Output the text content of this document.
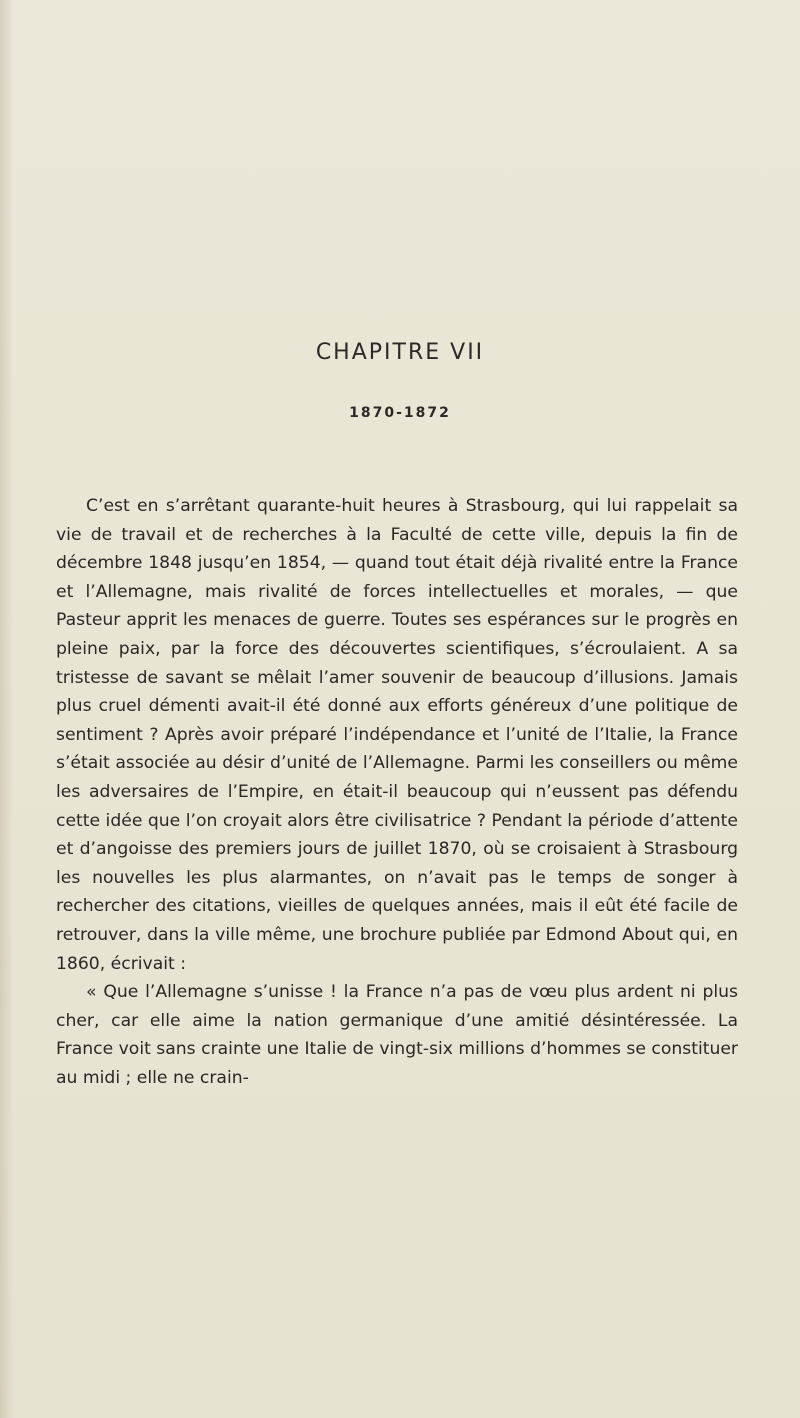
CHAPITRE VII
1870-1872

C’est en s’arrêtant quarante-huit heures à Strasbourg, qui lui rappelait sa vie de travail et de recherches à la Faculté de cette ville, depuis la fin de décembre 1848 jusqu’en 1854, — quand tout était déjà rivalité entre la France et l’Allemagne, mais rivalité de forces intellectuelles et morales, — que Pasteur apprit les menaces de guerre. Toutes ses espérances sur le progrès en pleine paix, par la force des découvertes scientifiques, s’écroulaient. A sa tristesse de savant se mêlait l’amer souvenir de beaucoup d’illusions. Jamais plus cruel démenti avait-il été donné aux efforts généreux d’une politique de sentiment ? Après avoir préparé l’indépendance et l’unité de l’Italie, la France s’était associée au désir d’unité de l’Allemagne. Parmi les conseillers ou même les adversaires de l’Empire, en était-il beaucoup qui n’eussent pas défendu cette idée que l’on croyait alors être civilisatrice ? Pendant la période d’attente et d’angoisse des premiers jours de juillet 1870, où se croisaient à Strasbourg les nouvelles les plus alarmantes, on n’avait pas le temps de songer à rechercher des citations, vieilles de quelques années, mais il eût été facile de retrouver, dans la ville même, une brochure publiée par Edmond About qui, en 1860, écrivait :

« Que l’Allemagne s’unisse ! la France n’a pas de vœu plus ardent ni plus cher, car elle aime la nation germanique d’une amitié désintéressée. La France voit sans crainte une Italie de vingt-six millions d’hommes se constituer au midi ; elle ne crain-
